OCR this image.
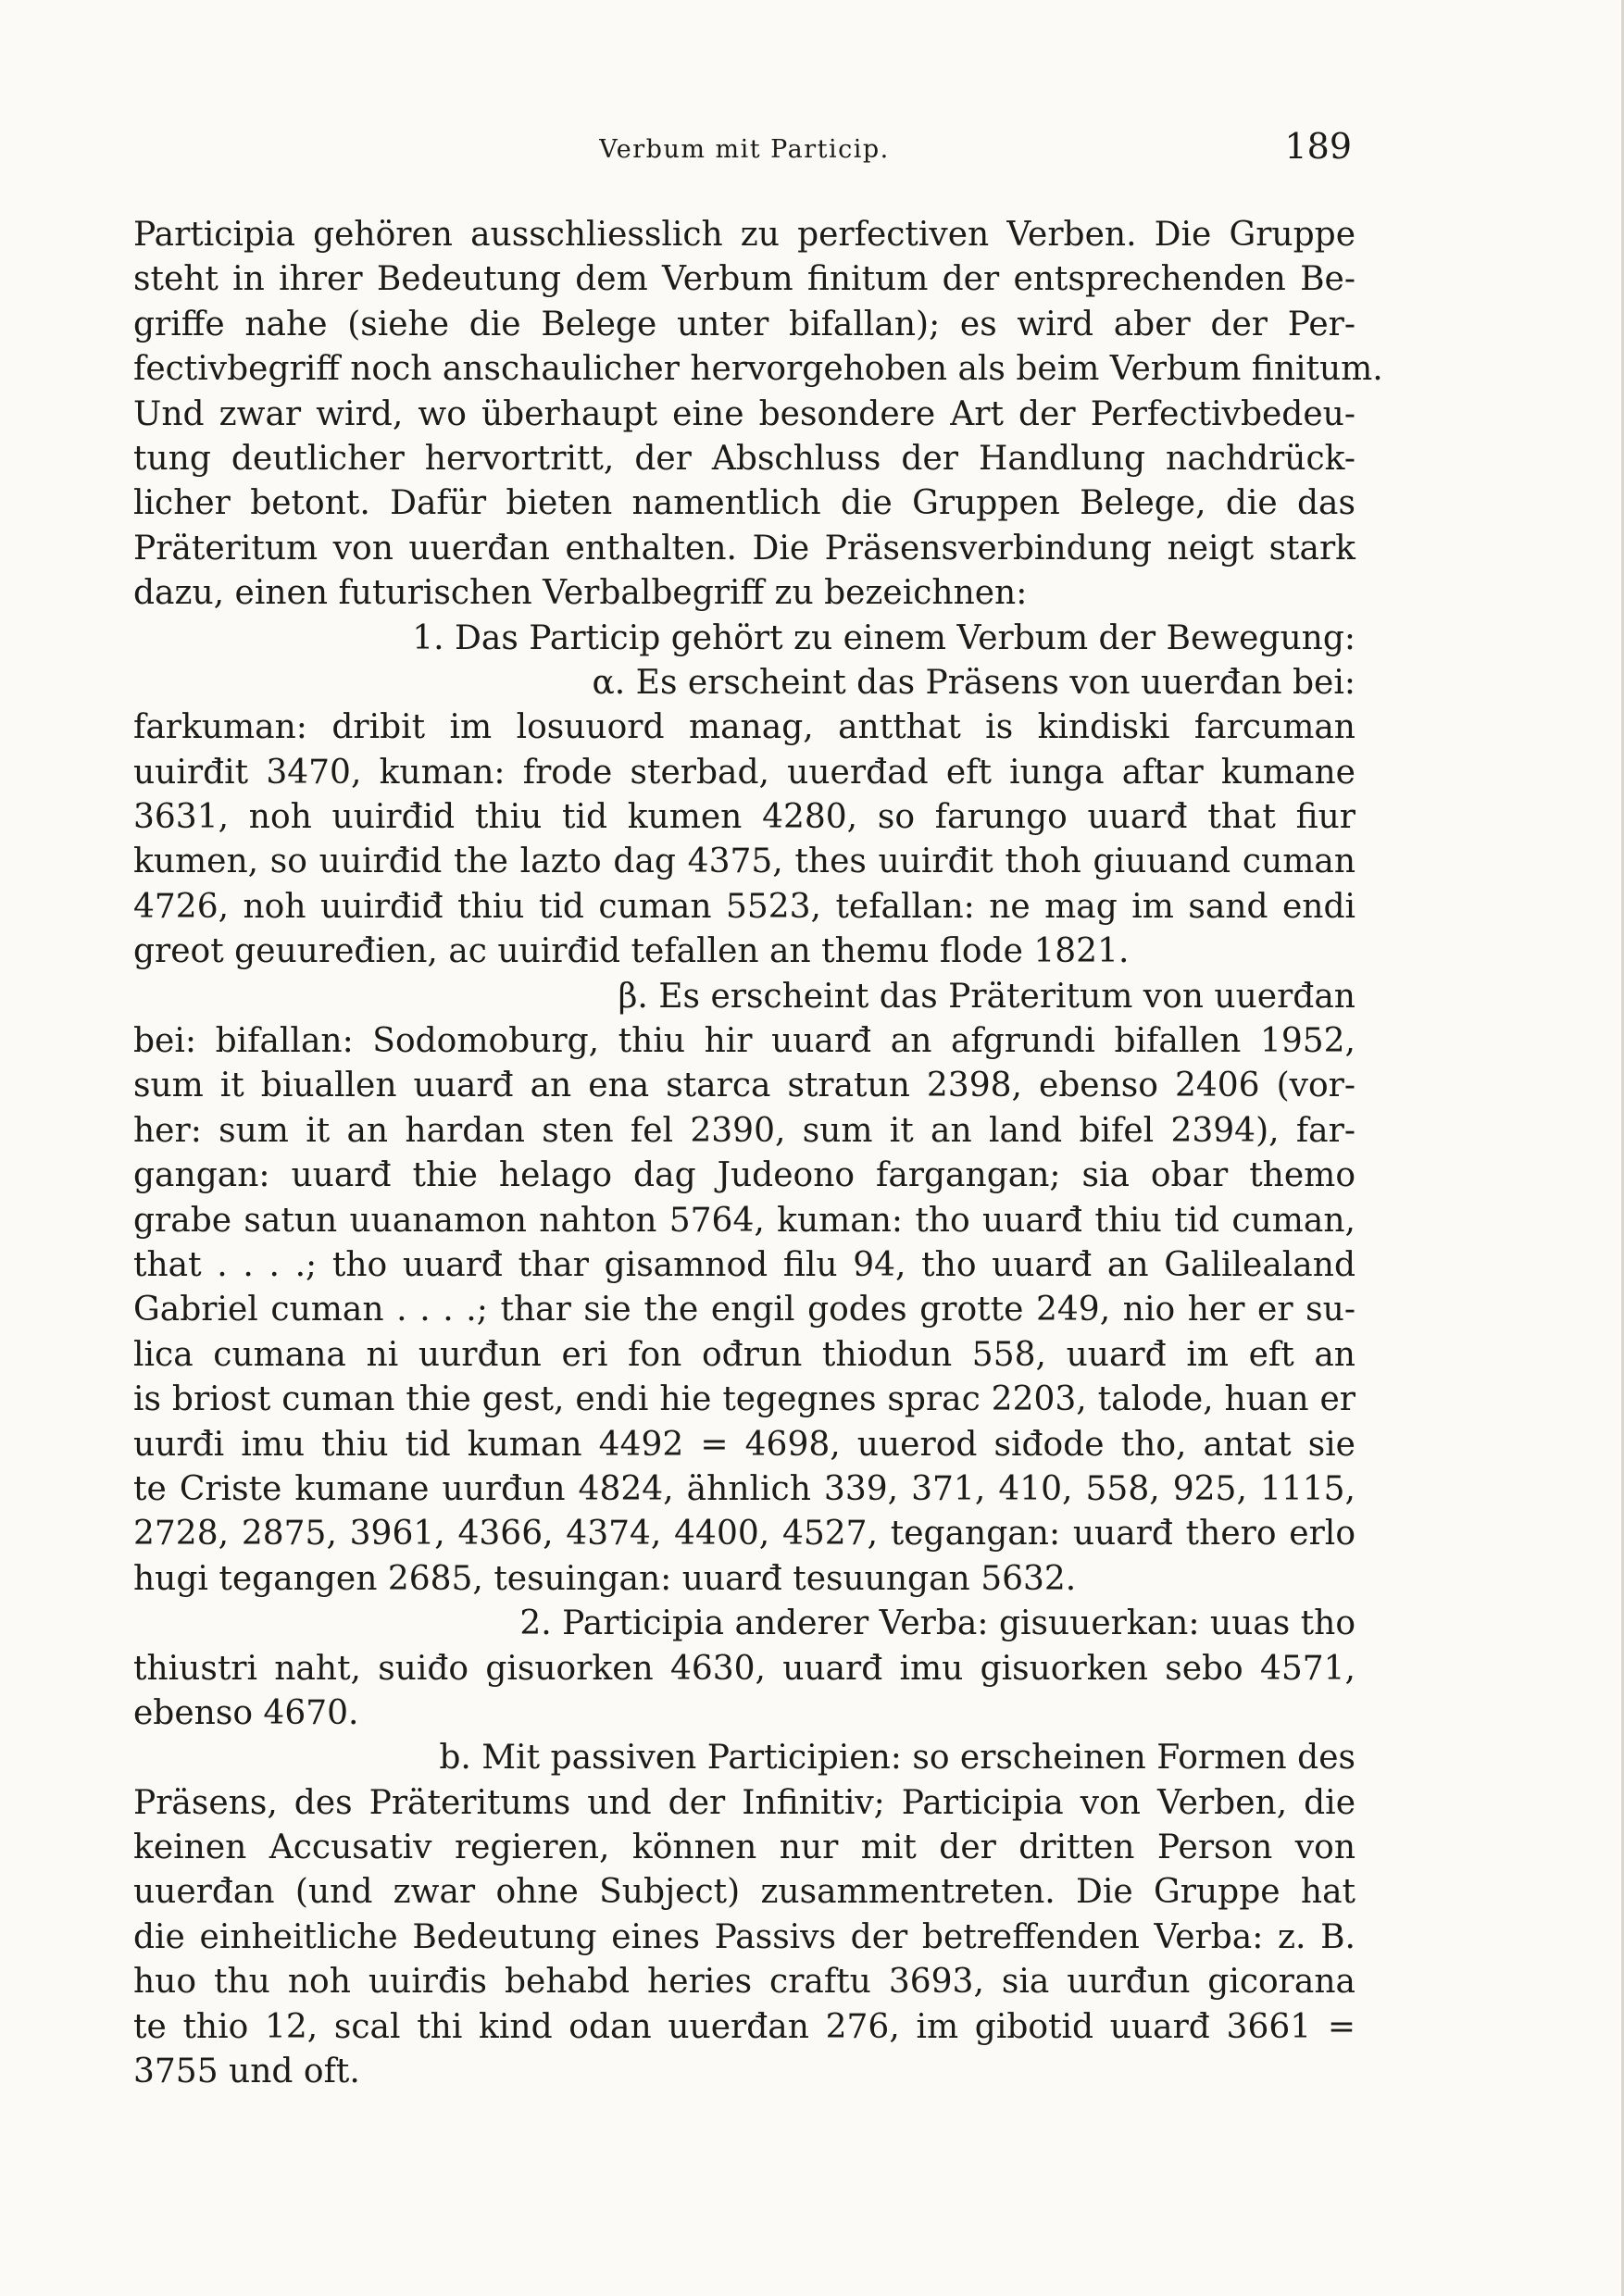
Verbum mit Particip.	189
Participia gehören ausschliesslich zu perfectiven Verben. Die Gruppe
steht in ihrer Bedeutung dem Verbum finitum der entsprechenden Be-
griffe nahe (siehe die Belege unter bifallan); es wird aber der Per-
fectivbegriff noch anschaulicher hervorgehoben als beim Verbum finitum.
Und zwar wird, wo überhaupt eine besondere Art der Perfectivbedeu-
tung deutlicher hervortritt, der Abschluss der Handlung nachdrück-
licher betont. Dafür bieten namentlich die Gruppen Belege, die das
Präteritum von uuerđan enthalten. Die Präsensverbindung neigt stark
dazu, einen futurischen Verbalbegriff zu bezeichnen:
1. Das Particip gehört zu einem Verbum der Bewegung:
α. Es erscheint das Präsens von uuerđan bei:
farkuman: dribit im losuuord manag, antthat is kindiski farcuman
uuirđit 3470, kuman: frode sterbad, uuerđad eft iunga aftar kumane
3631, noh uuirđid thiu tid kumen 4280, so farungo uuarđ that fiur
kumen, so uuirđid the lazto dag 4375, thes uuirđit thoh giuuand cuman
4726, noh uuirđiđ thiu tid cuman 5523, tefallan: ne mag im sand endi
greot geuuređien, ac uuirđid tefallen an themu flode 1821.
β. Es erscheint das Präteritum von uuerđan
bei: bifallan: Sodomoburg, thiu hir uuarđ an afgrundi bifallen 1952,
sum it biuallen uuarđ an ena starca stratun 2398, ebenso 2406 (vor-
her: sum it an hardan sten fel 2390, sum it an land bifel 2394), far-
gangan: uuarđ thie helago dag Judeono fargangan; sia obar themo
grabe satun uuanamon nahton 5764, kuman: tho uuarđ thiu tid cuman,
that . . . .; tho uuarđ thar gisamnod filu 94, tho uuarđ an Galilealand
Gabriel cuman . . . .; thar sie the engil godes grotte 249, nio her er su-
lica cumana ni uurđun eri fon ođrun thiodun 558, uuarđ im eft an
is briost cuman thie gest, endi hie tegegnes sprac 2203, talode, huan er
uurđi imu thiu tid kuman 4492 = 4698, uuerod siđode tho, antat sie
te Criste kumane uurđun 4824, ähnlich 339, 371, 410, 558, 925, 1115,
2728, 2875, 3961, 4366, 4374, 4400, 4527, tegangan: uuarđ thero erlo
hugi tegangen 2685, tesuingan: uuarđ tesuungan 5632.
2. Participia anderer Verba: gisuuerkan: uuas tho
thiustri naht, suiđo gisuorken 4630, uuarđ imu gisuorken sebo 4571,
ebenso 4670.
b. Mit passiven Participien: so erscheinen Formen des
Präsens, des Präteritums und der Infinitiv; Participia von Verben, die
keinen Accusativ regieren, können nur mit der dritten Person von
uuerđan (und zwar ohne Subject) zusammentreten. Die Gruppe hat
die einheitliche Bedeutung eines Passivs der betreffenden Verba: z. B.
huo thu noh uuirđis behabd heries craftu 3693, sia uurđun gicorana
te thio 12, scal thi kind odan uuerđan 276, im gibotid uuarđ 3661 =
3755 und oft.
